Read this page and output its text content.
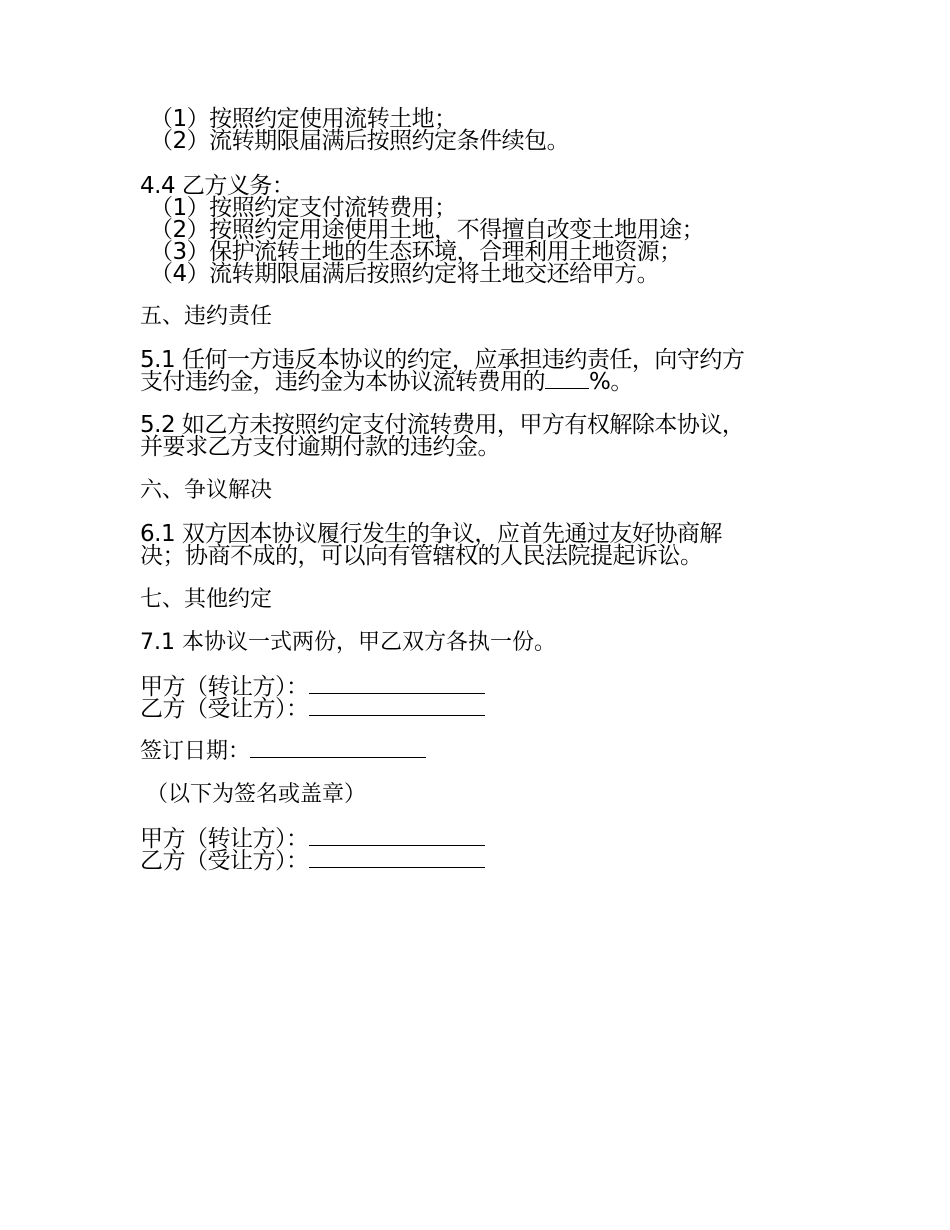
（1）按照约定使用流转土地；
（2）流转期限届满后按照约定条件续包。
4.4 乙方义务：
（1）按照约定支付流转费用；
（2）按照约定用途使用土地，不得擅自改变土地用途；
（3）保护流转土地的生态环境，合理利用土地资源；
（4）流转期限届满后按照约定将土地交还给甲方。
五、违约责任
5.1 任何一方违反本协议的约定，应承担违约责任，向守约方
支付违约金，违约金为本协议流转费用的 %。
5.2 如乙方未按照约定支付流转费用，甲方有权解除本协议，
并要求乙方支付逾期付款的违约金。
六、争议解决
6.1 双方因本协议履行发生的争议，应首先通过友好协商解
决；协商不成的，可以向有管辖权的人民法院提起诉讼。
七、其他约定
7.1 本协议一式两份，甲乙双方各执一份。
甲方（转让方）：
乙方（受让方）：
签订日期：
（以下为签名或盖章）
甲方（转让方）：
乙方（受让方）：
